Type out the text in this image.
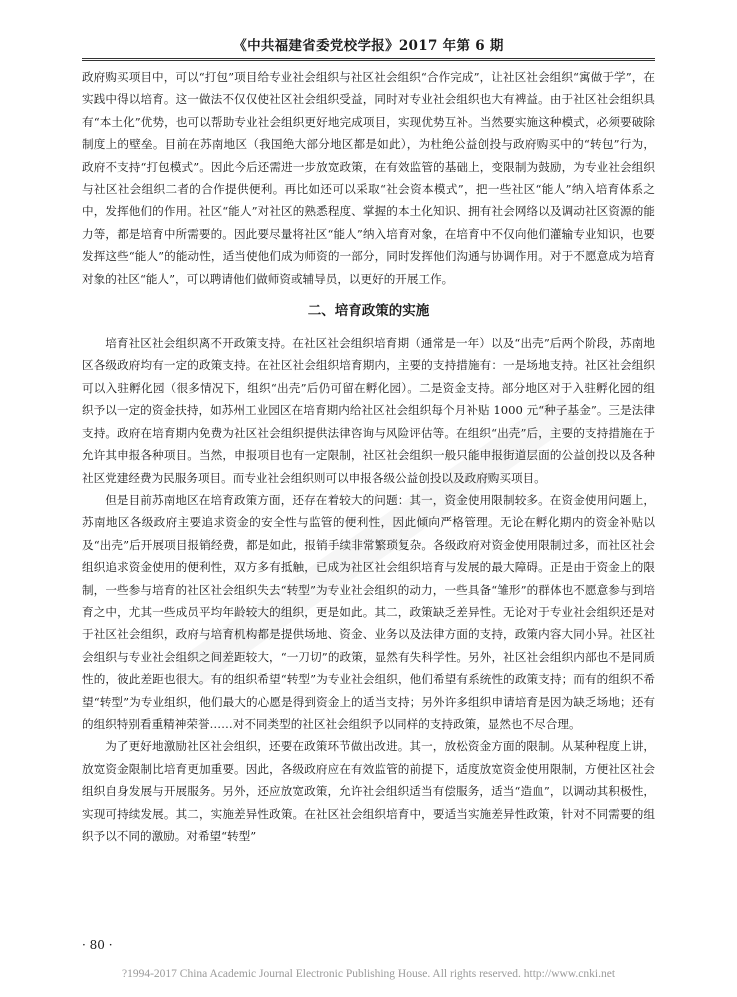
《中共福建省委党校学报》2017 年第 6 期

政府购买项目中，可以“打包”项目给专业社会组织与社区社会组织“合作完成”，让社区社会组织“寓做于学”，在实践中得以培育。这一做法不仅仅使社区社会组织受益，同时对专业社会组织也大有裨益。由于社区社会组织具有“本土化”优势，也可以帮助专业社会组织更好地完成项目，实现优势互补。当然要实施这种模式，必须要破除制度上的壁垒。目前在苏南地区（我国绝大部分地区都是如此），为杜绝公益创投与政府购买中的“转包”行为，政府不支持“打包模式”。因此今后还需进一步放宽政策，在有效监管的基础上，变限制为鼓励，为专业社会组织与社区社会组织二者的合作提供便利。再比如还可以采取“社会资本模式”，把一些社区“能人”纳入培育体系之中，发挥他们的作用。社区“能人”对社区的熟悉程度、掌握的本土化知识、拥有社会网络以及调动社区资源的能力等，都是培育中所需要的。因此要尽量将社区“能人”纳入培育对象，在培育中不仅向他们灌输专业知识，也要发挥这些“能人”的能动性，适当使他们成为师资的一部分，同时发挥他们沟通与协调作用。对于不愿意成为培育对象的社区“能人”，可以聘请他们做师资或辅导员，以更好的开展工作。

二、培育政策的实施

培育社区社会组织离不开政策支持。在社区社会组织培育期（通常是一年）以及“出壳”后两个阶段，苏南地区各级政府均有一定的政策支持。在社区社会组织培育期内，主要的支持措施有：一是场地支持。社区社会组织可以入驻孵化园（很多情况下，组织“出壳”后仍可留在孵化园）。二是资金支持。部分地区对于入驻孵化园的组织予以一定的资金扶持，如苏州工业园区在培育期内给社区社会组织每个月补贴 1000 元“种子基金”。三是法律支持。政府在培育期内免费为社区社会组织提供法律咨询与风险评估等。在组织“出壳”后，主要的支持措施在于允许其申报各种项目。当然，申报项目也有一定限制，社区社会组织一般只能申报街道层面的公益创投以及各种社区党建经费为民服务项目。而专业社会组织则可以申报各级公益创投以及政府购买项目。

但是目前苏南地区在培育政策方面，还存在着较大的问题：其一，资金使用限制较多。在资金使用问题上，苏南地区各级政府主要追求资金的安全性与监管的便利性，因此倾向严格管理。无论在孵化期内的资金补贴以及“出壳”后开展项目报销经费，都是如此，报销手续非常繁琐复杂。各级政府对资金使用限制过多，而社区社会组织追求资金使用的便利性，双方多有抵触，已成为社区社会组织培育与发展的最大障碍。正是由于资金上的限制，一些参与培育的社区社会组织失去“转型”为专业社会组织的动力，一些具备“雏形”的群体也不愿意参与到培育之中，尤其一些成员平均年龄较大的组织，更是如此。其二，政策缺乏差异性。无论对于专业社会组织还是对于社区社会组织，政府与培育机构都是提供场地、资金、业务以及法律方面的支持，政策内容大同小异。社区社会组织与专业社会组织之间差距较大，“一刀切”的政策，显然有失科学性。另外，社区社会组织内部也不是同质性的，彼此差距也很大。有的组织希望“转型”为专业社会组织，他们希望有系统性的政策支持；而有的组织不希望“转型”为专业组织，他们最大的心愿是得到资金上的适当支持；另外许多组织申请培育是因为缺乏场地；还有的组织特别看重精神荣誉……对不同类型的社区社会组织予以同样的支持政策，显然也不尽合理。

为了更好地激励社区社会组织，还要在政策环节做出改进。其一，放松资金方面的限制。从某种程度上讲，放宽资金限制比培育更加重要。因此，各级政府应在有效监管的前提下，适度放宽资金使用限制，方便社区社会组织自身发展与开展服务。另外，还应放宽政策，允许社会组织适当有偿服务，适当“造血”，以调动其积极性，实现可持续发展。其二，实施差异性政策。在社区社会组织培育中，要适当实施差异性政策，针对不同需要的组织予以不同的激励。对希望“转型”

· 80 ·
?1994-2017 China Academic Journal Electronic Publishing House. All rights reserved. http://www.cnki.net
